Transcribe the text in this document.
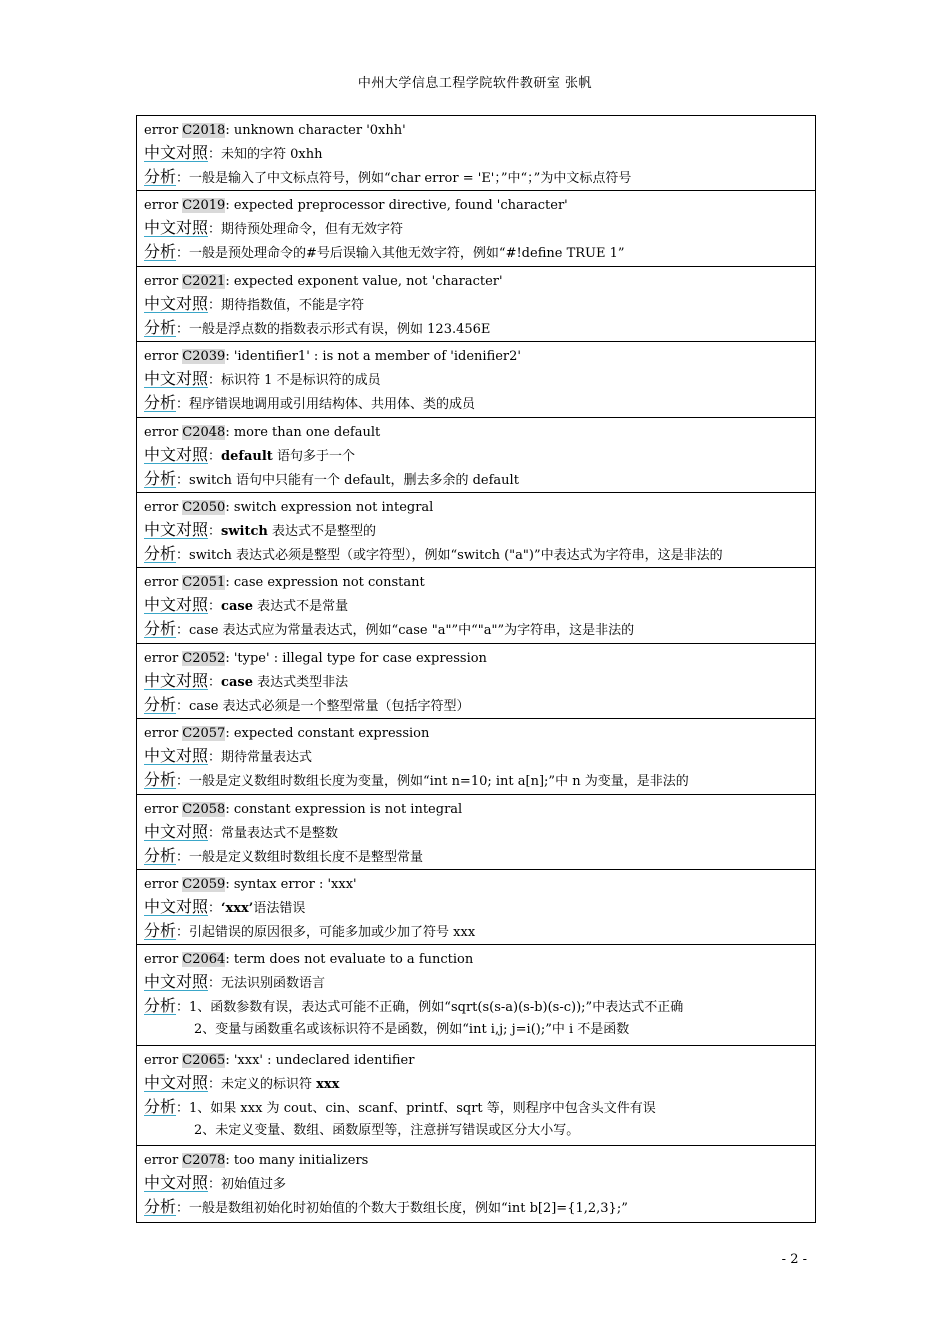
中州大学信息工程学院软件教研室 张帆
error C2018: unknown character '0xhh'
中文对照：未知的字符 0xhh
分析：一般是输入了中文标点符号，例如“char error = 'E'；”中“；”为中文标点符号
error C2019: expected preprocessor directive, found 'character'
中文对照：期待预处理命令，但有无效字符
分析：一般是预处理命令的#号后误输入其他无效字符，例如“#!define TRUE 1”
error C2021: expected exponent value, not 'character'
中文对照：期待指数值，不能是字符
分析：一般是浮点数的指数表示形式有误，例如 123.456E
error C2039: 'identifier1' : is not a member of 'idenifier2'
中文对照：标识符 1 不是标识符的成员
分析：程序错误地调用或引用结构体、共用体、类的成员
error C2048: more than one default
中文对照：default 语句多于一个
分析：switch 语句中只能有一个 default，删去多余的 default
error C2050: switch expression not integral
中文对照：switch 表达式不是整型的
分析：switch 表达式必须是整型（或字符型），例如“switch ("a")”中表达式为字符串，这是非法的
error C2051: case expression not constant
中文对照：case 表达式不是常量
分析：case 表达式应为常量表达式，例如“case "a"”中“"a"”为字符串，这是非法的
error C2052: 'type' : illegal type for case expression
中文对照：case 表达式类型非法
分析：case 表达式必须是一个整型常量（包括字符型）
error C2057: expected constant expression
中文对照：期待常量表达式
分析：一般是定义数组时数组长度为变量，例如“int n=10; int a[n];”中 n 为变量，是非法的
error C2058: constant expression is not integral
中文对照：常量表达式不是整数
分析：一般是定义数组时数组长度不是整型常量
error C2059: syntax error : 'xxx'
中文对照：‘xxx’语法错误
分析：引起错误的原因很多，可能多加或少加了符号 xxx
error C2064: term does not evaluate to a function
中文对照：无法识别函数语言
分析：1、函数参数有误，表达式可能不正确，例如“sqrt(s(s-a)(s-b)(s-c));”中表达式不正确
2、变量与函数重名或该标识符不是函数，例如“int i,j; j=i();”中 i 不是函数
error C2065: 'xxx' : undeclared identifier
中文对照：未定义的标识符 xxx
分析：1、如果 xxx 为 cout、cin、scanf、printf、sqrt 等，则程序中包含头文件有误
2、未定义变量、数组、函数原型等，注意拼写错误或区分大小写。
error C2078: too many initializers
中文对照：初始值过多
分析：一般是数组初始化时初始值的个数大于数组长度，例如“int b[2]={1,2,3};”
- 2 -
